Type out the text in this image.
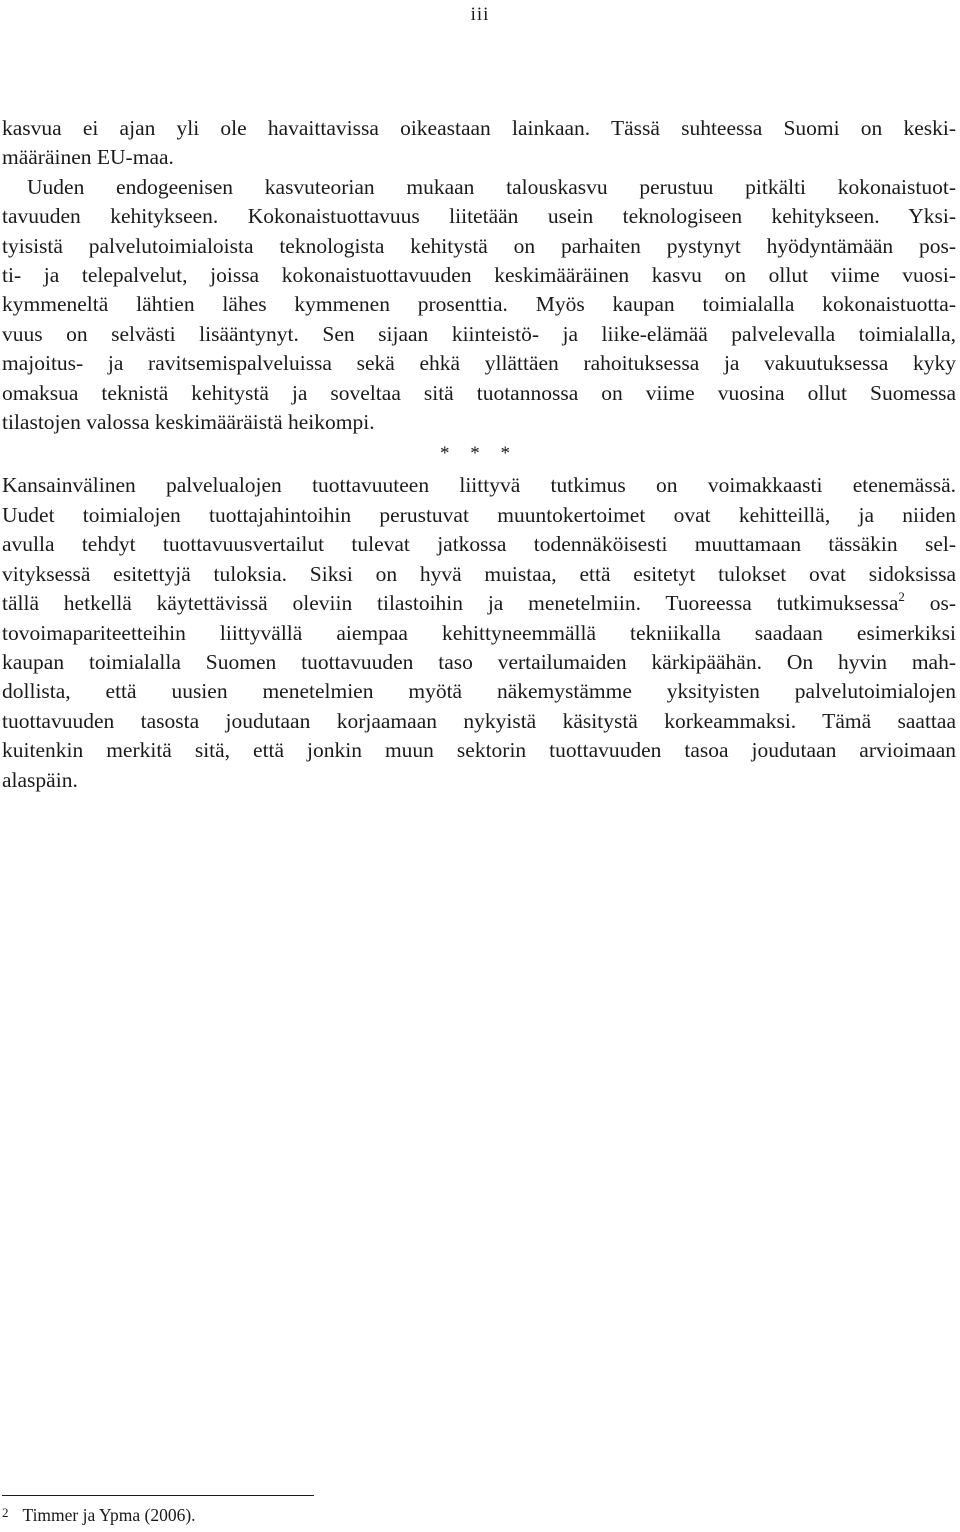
iii
kasvua ei ajan yli ole havaittavissa oikeastaan lainkaan. Tässä suhteessa Suomi on keski-
määräinen EU-maa.
Uuden endogeenisen kasvuteorian mukaan talouskasvu perustuu pitkälti kokonaistuot-
tavuuden kehitykseen. Kokonaistuottavuus liitetään usein teknologiseen kehitykseen. Yksi-
tyisistä palvelutoimialoista teknologista kehitystä on parhaiten pystynyt hyödyntämään pos-
ti- ja telepalvelut, joissa kokonaistuottavuuden keskimääräinen kasvu on ollut viime vuosi-
kymmeneltä lähtien lähes kymmenen prosenttia. Myös kaupan toimialalla kokonaistuotta-
vuus on selvästi lisääntynyt. Sen sijaan kiinteistö- ja liike-elämää palvelevalla toimialalla,
majoitus- ja ravitsemispalveluissa sekä ehkä yllättäen rahoituksessa ja vakuutuksessa kyky
omaksua teknistä kehitystä ja soveltaa sitä tuotannossa on viime vuosina ollut Suomessa
tilastojen valossa keskimääräistä heikompi.
* * *
Kansainvälinen palvelualojen tuottavuuteen liittyvä tutkimus on voimakkaasti etenemässä.
Uudet toimialojen tuottajahintoihin perustuvat muuntokertoimet ovat kehitteillä, ja niiden
avulla tehdyt tuottavuusvertailut tulevat jatkossa todennäköisesti muuttamaan tässäkin sel-
vityksessä esitettyjä tuloksia. Siksi on hyvä muistaa, että esitetyt tulokset ovat sidoksissa
tällä hetkellä käytettävissä oleviin tilastoihin ja menetelmiin. Tuoreessa tutkimuksessa$^2$ os-
tovoimapariteetteihin liittyvällä aiempaa kehittyneemmällä tekniikalla saadaan esimerkiksi
kaupan toimialalla Suomen tuottavuuden taso vertailumaiden kärkipäähän. On hyvin mah-
dollista, että uusien menetelmien myötä näkemystämme yksityisten palvelutoimialojen
tuottavuuden tasosta joudutaan korjaamaan nykyistä käsitystä korkeammaksi. Tämä saattaa
kuitenkin merkitä sitä, että jonkin muun sektorin tuottavuuden tasoa joudutaan arvioimaan
alaspäin.
$^2$ Timmer ja Ypma (2006).
